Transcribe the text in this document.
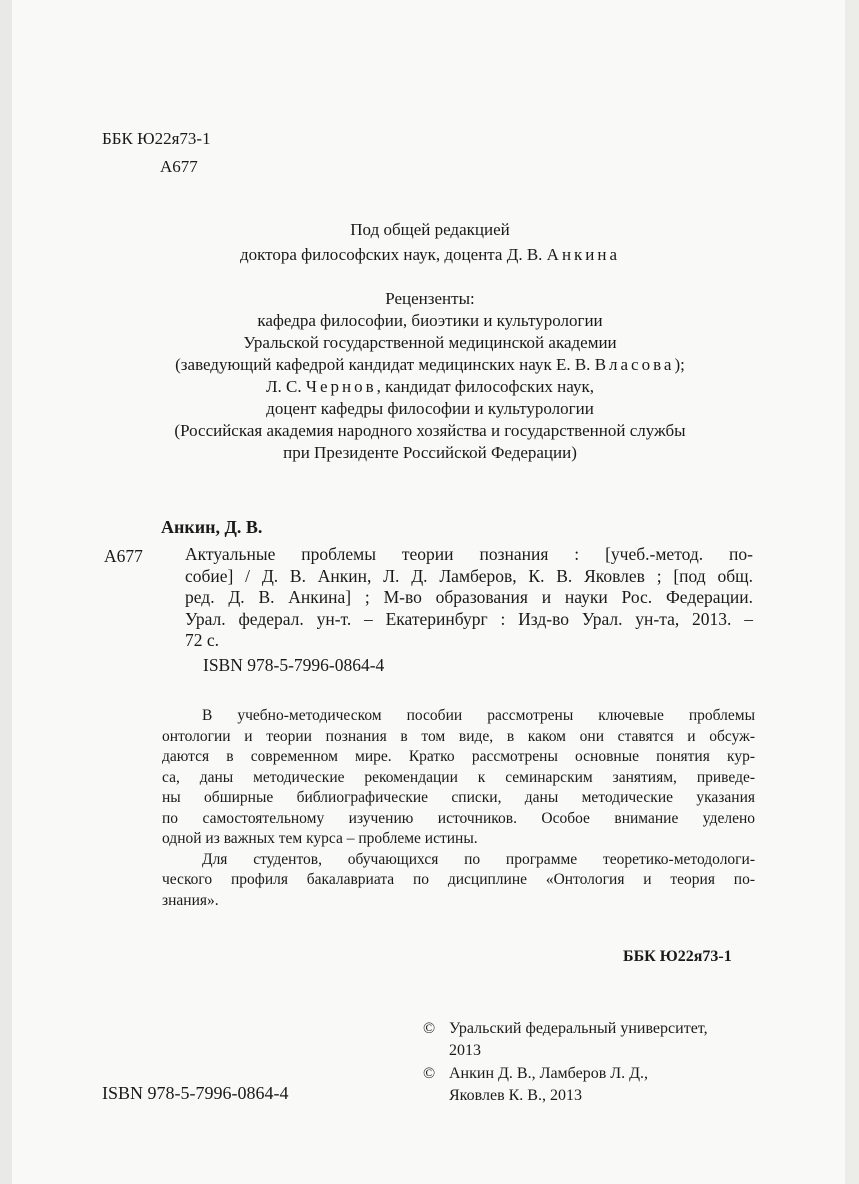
ББК Ю22я73-1
А677
Под общей редакцией
доктора философских наук, доцента Д. В. Анкина
Рецензенты:
кафедра философии, биоэтики и культурологии
Уральской государственной медицинской академии
(заведующий кафедрой кандидат медицинских наук Е. В. Власова);
Л. С. Чернов, кандидат философских наук,
доцент кафедры философии и культурологии
(Российская академия народного хозяйства и государственной службы
при Президенте Российской Федерации)
Анкин, Д. В.
А677 Актуальные проблемы теории познания : [учеб.-метод. по-
собие] / Д. В. Анкин, Л. Д. Ламберов, К. В. Яковлев ; [под общ.
ред. Д. В. Анкина] ; М-во образования и науки Рос. Федерации.
Урал. федерал. ун-т. – Екатеринбург : Изд-во Урал. ун-та, 2013. –
72 с.
ISBN 978-5-7996-0864-4
В учебно-методическом пособии рассмотрены ключевые проблемы
онтологии и теории познания в том виде, в каком они ставятся и обсуж-
даются в современном мире. Кратко рассмотрены основные понятия кур-
са, даны методические рекомендации к семинарским занятиям, приведе-
ны обширные библиографические списки, даны методические указания
по самостоятельному изучению источников. Особое внимание уделено
одной из важных тем курса – проблеме истины.
Для студентов, обучающихся по программе теоретико-методологи-
ческого профиля бакалавриата по дисциплине «Онтология и теория по-
знания».
ББК Ю22я73-1
ISBN 978-5-7996-0864-4
© Уральский федеральный университет,
2013
© Анкин Д. В., Ламберов Л. Д.,
Яковлев К. В., 2013
